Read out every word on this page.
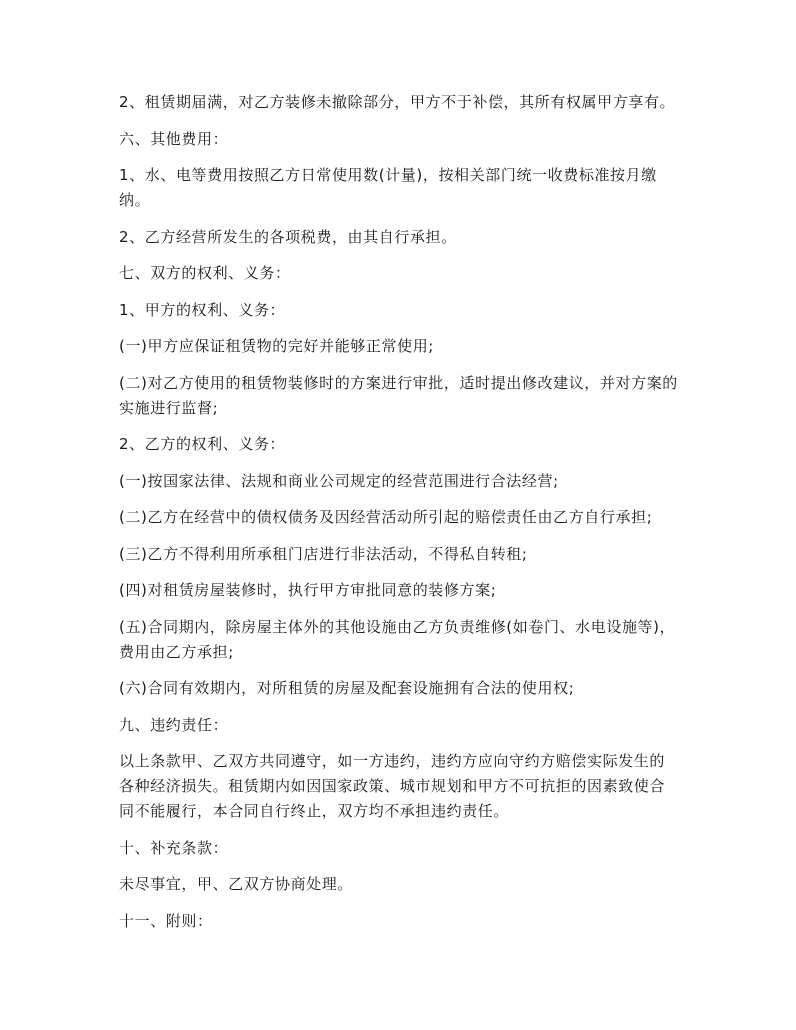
2、租赁期届满，对乙方装修未撤除部分，甲方不于补偿，其所有权属甲方享有。

六、其他费用：

1、水、电等费用按照乙方日常使用数(计量)，按相关部门统一收费标准按月缴纳。

2、乙方经营所发生的各项税费，由其自行承担。

七、双方的权利、义务：

1、甲方的权利、义务：

(一)甲方应保证租赁物的完好并能够正常使用;

(二)对乙方使用的租赁物装修时的方案进行审批，适时提出修改建议，并对方案的实施进行监督;

2、乙方的权利、义务：

(一)按国家法律、法规和商业公司规定的经营范围进行合法经营;

(二)乙方在经营中的债权债务及因经营活动所引起的赔偿责任由乙方自行承担;

(三)乙方不得利用所承租门店进行非法活动，不得私自转租;

(四)对租赁房屋装修时，执行甲方审批同意的装修方案;

(五)合同期内，除房屋主体外的其他设施由乙方负责维修(如卷门、水电设施等)，费用由乙方承担;

(六)合同有效期内，对所租赁的房屋及配套设施拥有合法的使用权;

九、违约责任：

以上条款甲、乙双方共同遵守，如一方违约，违约方应向守约方赔偿实际发生的各种经济损失。租赁期内如因国家政策、城市规划和甲方不可抗拒的因素致使合同不能履行，本合同自行终止，双方均不承担违约责任。

十、补充条款：

未尽事宜，甲、乙双方协商处理。

十一、附则：
